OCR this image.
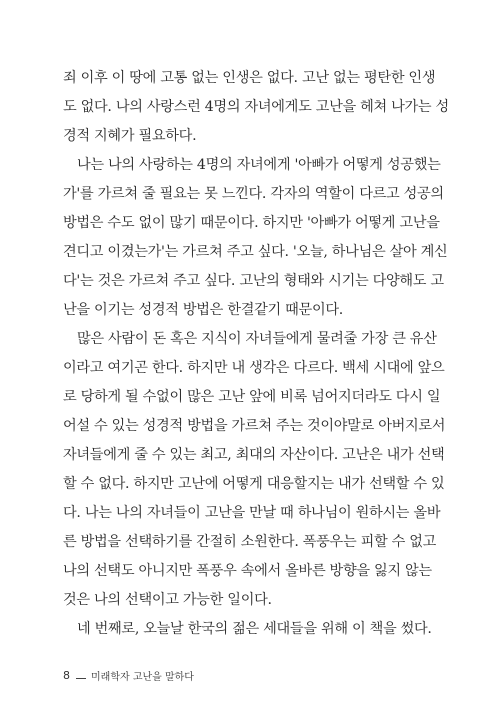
죄 이후 이 땅에 고통 없는 인생은 없다. 고난 없는 평탄한 인생
도 없다. 나의 사랑스런 4명의 자녀에게도 고난을 헤쳐 나가는 성
경적 지혜가 필요하다.
나는 나의 사랑하는 4명의 자녀에게 '아빠가 어떻게 성공했는
가'를 가르쳐 줄 필요는 못 느낀다. 각자의 역할이 다르고 성공의
방법은 수도 없이 많기 때문이다. 하지만 '아빠가 어떻게 고난을
견디고 이겼는가'는 가르쳐 주고 싶다. '오늘, 하나님은 살아 계신
다'는 것은 가르쳐 주고 싶다. 고난의 형태와 시기는 다양해도 고
난을 이기는 성경적 방법은 한결같기 때문이다.
많은 사람이 돈 혹은 지식이 자녀들에게 물려줄 가장 큰 유산
이라고 여기곤 한다. 하지만 내 생각은 다르다. 백세 시대에 앞으
로 당하게 될 수없이 많은 고난 앞에 비록 넘어지더라도 다시 일
어설 수 있는 성경적 방법을 가르쳐 주는 것이야말로 아버지로서
자녀들에게 줄 수 있는 최고, 최대의 자산이다. 고난은 내가 선택
할 수 없다. 하지만 고난에 어떻게 대응할지는 내가 선택할 수 있
다. 나는 나의 자녀들이 고난을 만날 때 하나님이 원하시는 올바
른 방법을 선택하기를 간절히 소원한다. 폭풍우는 피할 수 없고
나의 선택도 아니지만 폭풍우 속에서 올바른 방향을 잃지 않는
것은 나의 선택이고 가능한 일이다.
네 번째로, 오늘날 한국의 젊은 세대들을 위해 이 책을 썼다.
8 미래학자 고난을 말하다
